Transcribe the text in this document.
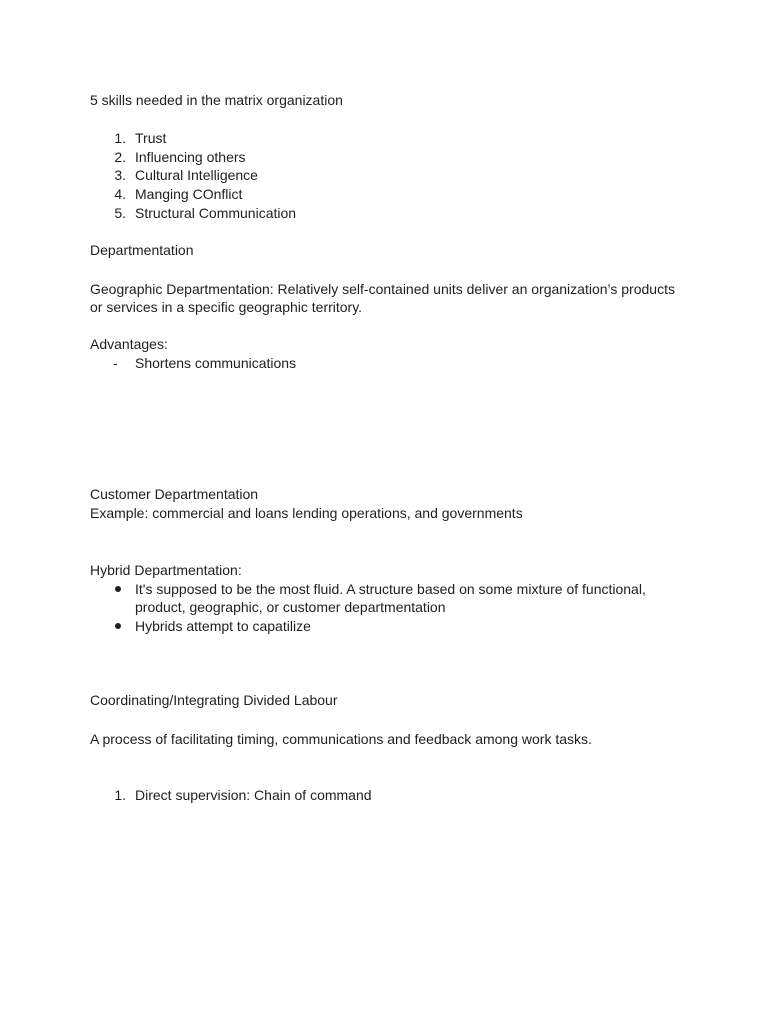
5 skills needed in the matrix organization
1. Trust
2. Influencing others
3. Cultural Intelligence
4. Manging COnflict
5. Structural Communication
Departmentation
Geographic Departmentation: Relatively self-contained units deliver an organization’s products
or services in a specific geographic territory.
Advantages:
- Shortens communications
Customer Departmentation
Example: commercial and loans lending operations, and governments
Hybrid Departmentation:
It's supposed to be the most fluid. A structure based on some mixture of functional,
product, geographic, or customer departmentation
Hybrids attempt to capatilize
Coordinating/Integrating Divided Labour
A process of facilitating timing, communications and feedback among work tasks.
1. Direct supervision: Chain of command
